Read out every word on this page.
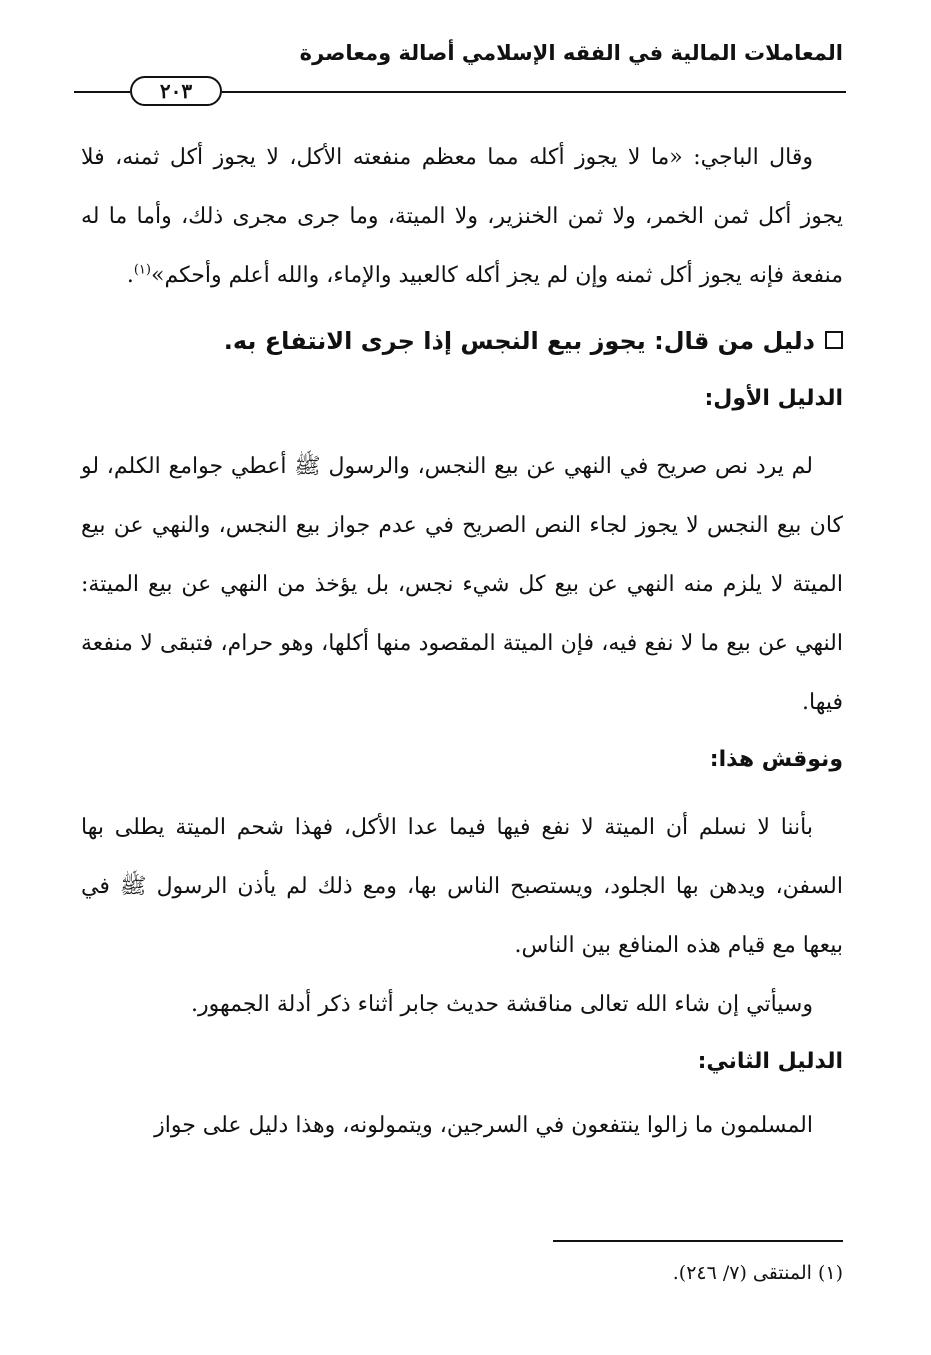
المعاملات المالية في الفقه الإسلامي أصالة ومعاصرة
٢٠٣

وقال الباجي: «ما لا يجوز أكله مما معظم منفعته الأكل، لا يجوز أكل ثمنه، فلا يجوز أكل ثمن الخمر، ولا ثمن الخنزير، ولا الميتة، وما جرى مجرى ذلك، وأما ما له منفعة فإنه يجوز أكل ثمنه وإن لم يجز أكله كالعبيد والإماء، والله أعلم وأحكم»$^{(١)}$.

دليل من قال: يجوز بيع النجس إذا جرى الانتفاع به.

الدليل الأول:

لم يرد نص صريح في النهي عن بيع النجس، والرسول ﷺ أعطي جوامع الكلم، لو كان بيع النجس لا يجوز لجاء النص الصريح في عدم جواز بيع النجس، والنهي عن بيع الميتة لا يلزم منه النهي عن بيع كل شيء نجس، بل يؤخذ من النهي عن بيع الميتة: النهي عن بيع ما لا نفع فيه، فإن الميتة المقصود منها أكلها، وهو حرام، فتبقى لا منفعة فيها.

ونوقش هذا:

بأننا لا نسلم أن الميتة لا نفع فيها فيما عدا الأكل، فهذا شحم الميتة يطلى بها السفن، ويدهن بها الجلود، ويستصبح الناس بها، ومع ذلك لم يأذن الرسول ﷺ في بيعها مع قيام هذه المنافع بين الناس.

وسيأتي إن شاء الله تعالى مناقشة حديث جابر أثناء ذكر أدلة الجمهور.

الدليل الثاني:

المسلمون ما زالوا ينتفعون في السرجين، ويتمولونه، وهذا دليل على جواز

(١) المنتقى (٧/ ٢٤٦).
